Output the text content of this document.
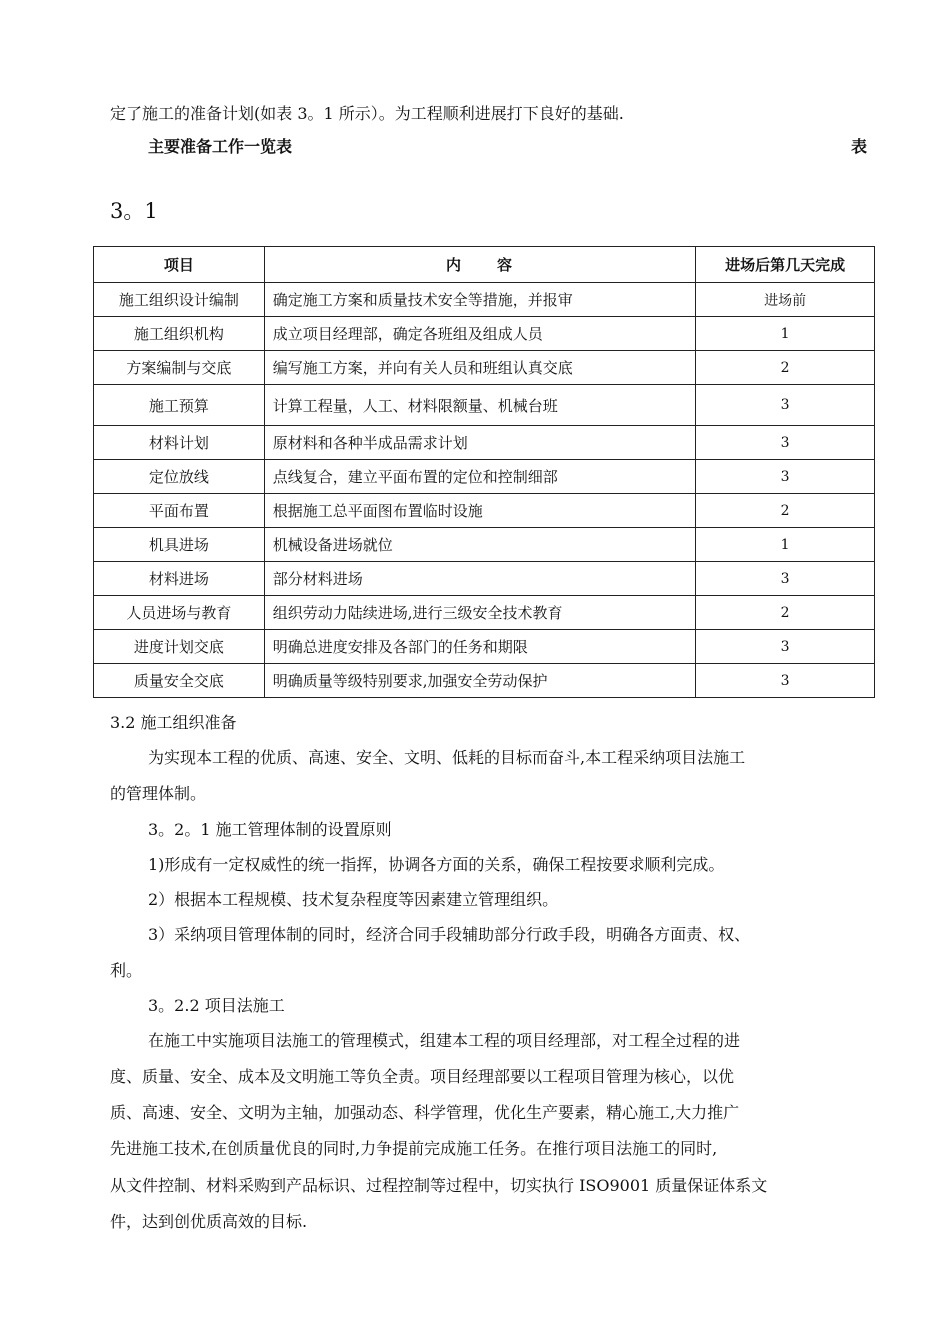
定了施工的准备计划(如表 3。1 所示）。为工程顺利进展打下良好的基础.
主要准备工作一览表	表
3。1
项目	内　　容	进场后第几天完成
施工组织设计编制	确定施工方案和质量技术安全等措施，并报审	进场前
施工组织机构	成立项目经理部，确定各班组及组成人员	1
方案编制与交底	编写施工方案，并向有关人员和班组认真交底	2
施工预算	计算工程量，人工、材料限额量、机械台班	3
材料计划	原材料和各种半成品需求计划	3
定位放线	点线复合，建立平面布置的定位和控制细部	3
平面布置	根据施工总平面图布置临时设施	2
机具进场	机械设备进场就位	1
材料进场	部分材料进场	3
人员进场与教育	组织劳动力陆续进场,进行三级安全技术教育	2
进度计划交底	明确总进度安排及各部门的任务和期限	3
质量安全交底	明确质量等级特别要求,加强安全劳动保护	3
3.2 施工组织准备
为实现本工程的优质、高速、安全、文明、低耗的目标而奋斗,本工程采纳项目法施工
的管理体制。
3。2。1 施工管理体制的设置原则
1)形成有一定权威性的统一指挥，协调各方面的关系，确保工程按要求顺利完成。
2）根据本工程规模、技术复杂程度等因素建立管理组织。
3）采纳项目管理体制的同时，经济合同手段辅助部分行政手段，明确各方面责、权、
利。
3。2.2 项目法施工
在施工中实施项目法施工的管理模式，组建本工程的项目经理部，对工程全过程的进
度、质量、安全、成本及文明施工等负全责。项目经理部要以工程项目管理为核心，以优
质、高速、安全、文明为主轴，加强动态、科学管理，优化生产要素，精心施工,大力推广
先进施工技术,在创质量优良的同时,力争提前完成施工任务。在推行项目法施工的同时,
从文件控制、材料采购到产品标识、过程控制等过程中，切实执行 ISO9001 质量保证体系文
件，达到创优质高效的目标.
